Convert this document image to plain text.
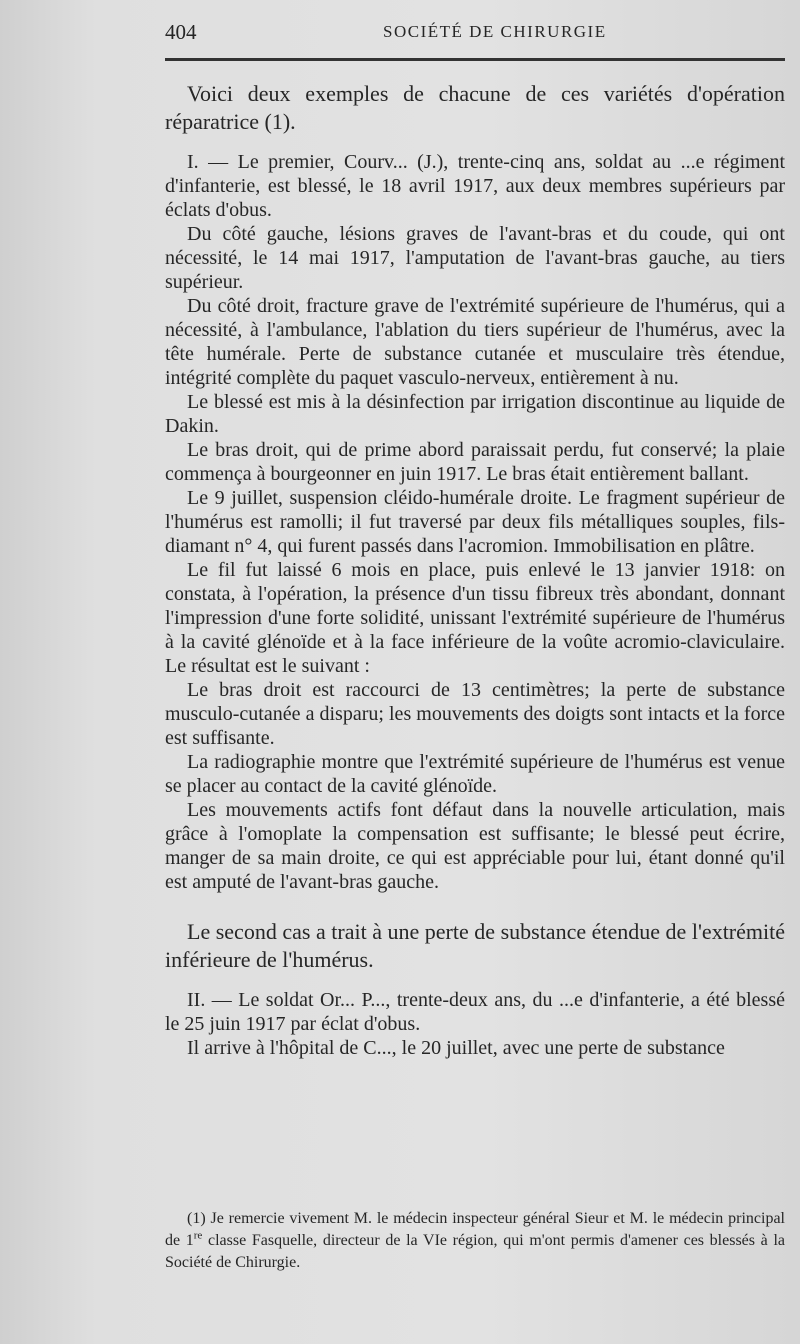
404	SOCIÉTÉ DE CHIRURGIE

Voici deux exemples de chacune de ces variétés d'opération réparatrice (1).

I. — Le premier, Courv... (J.), trente-cinq ans, soldat au ...e régiment d'infanterie, est blessé, le 18 avril 1917, aux deux membres supérieurs par éclats d'obus.

Du côté gauche, lésions graves de l'avant-bras et du coude, qui ont nécessité, le 14 mai 1917, l'amputation de l'avant-bras gauche, au tiers supérieur.

Du côté droit, fracture grave de l'extrémité supérieure de l'humérus, qui a nécessité, à l'ambulance, l'ablation du tiers supérieur de l'humérus, avec la tête humérale. Perte de substance cutanée et musculaire très étendue, intégrité complète du paquet vasculo-nerveux, entièrement à nu.

Le blessé est mis à la désinfection par irrigation discontinue au liquide de Dakin.

Le bras droit, qui de prime abord paraissait perdu, fut conservé; la plaie commença à bourgeonner en juin 1917. Le bras était entièrement ballant.

Le 9 juillet, suspension cléido-humérale droite. Le fragment supérieur de l'humérus est ramolli; il fut traversé par deux fils métalliques souples, fils-diamant n° 4, qui furent passés dans l'acromion. Immobilisation en plâtre.

Le fil fut laissé 6 mois en place, puis enlevé le 13 janvier 1918: on constata, à l'opération, la présence d'un tissu fibreux très abondant, donnant l'impression d'une forte solidité, unissant l'extrémité supérieure de l'humérus à la cavité glénoïde et à la face inférieure de la voûte acromio-claviculaire. Le résultat est le suivant :

Le bras droit est raccourci de 13 centimètres; la perte de substance musculo-cutanée a disparu; les mouvements des doigts sont intacts et la force est suffisante.

La radiographie montre que l'extrémité supérieure de l'humérus est venue se placer au contact de la cavité glénoïde.

Les mouvements actifs font défaut dans la nouvelle articulation, mais grâce à l'omoplate la compensation est suffisante; le blessé peut écrire, manger de sa main droite, ce qui est appréciable pour lui, étant donné qu'il est amputé de l'avant-bras gauche.

Le second cas a trait à une perte de substance étendue de l'extrémité inférieure de l'humérus.

II. — Le soldat Or... P..., trente-deux ans, du ...e d'infanterie, a été blessé le 25 juin 1917 par éclat d'obus.

Il arrive à l'hôpital de C..., le 20 juillet, avec une perte de substance

(1) Je remercie vivement M. le médecin inspecteur général Sieur et M. le médecin principal de 1re classe Fasquelle, directeur de la VIe région, qui m'ont permis d'amener ces blessés à la Société de Chirurgie.
